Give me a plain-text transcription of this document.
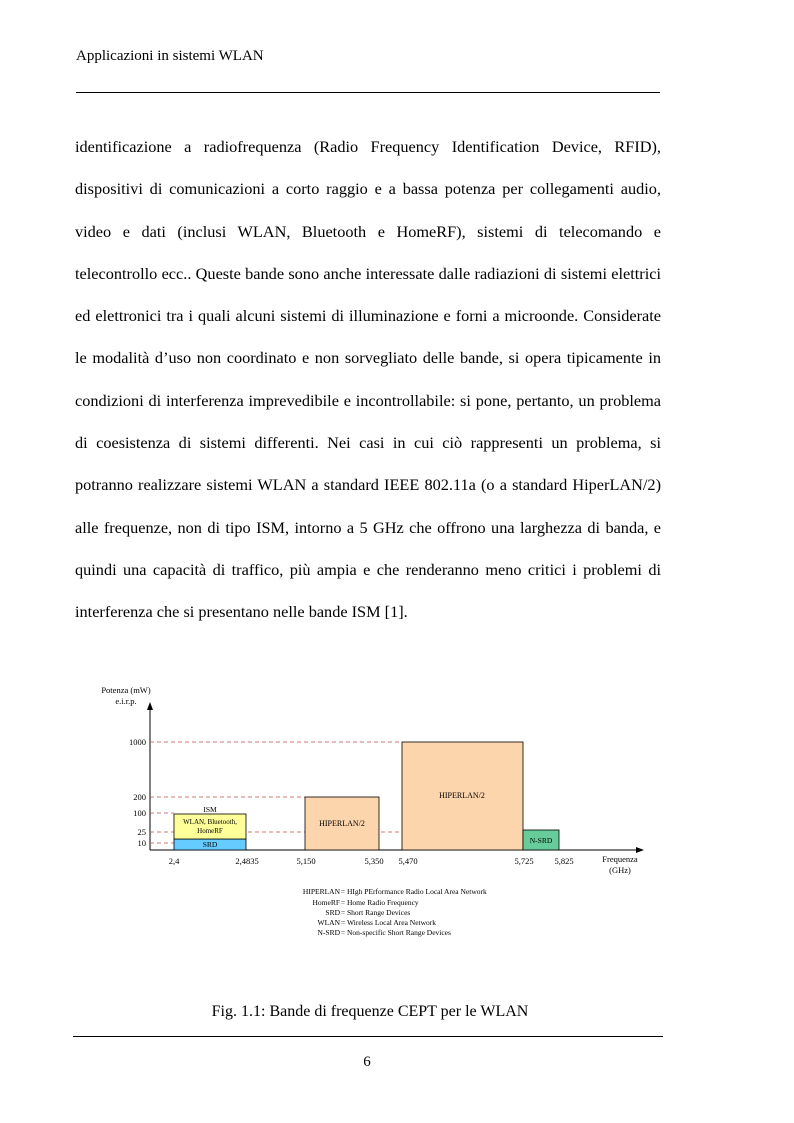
Applicazioni in sistemi WLAN

identificazione a radiofrequenza (Radio Frequency Identification Device, RFID), dispositivi di comunicazioni a corto raggio e a bassa potenza per collegamenti audio, video e dati (inclusi WLAN, Bluetooth e HomeRF), sistemi di telecomando e telecontrollo ecc.. Queste bande sono anche interessate dalle radiazioni di sistemi elettrici ed elettronici tra i quali alcuni sistemi di illuminazione e forni a microonde. Considerate le modalità d’uso non coordinato e non sorvegliato delle bande, si opera tipicamente in condizioni di interferenza imprevedibile e incontrollabile: si pone, pertanto, un problema di coesistenza di sistemi differenti. Nei casi in cui ciò rappresenti un problema, si potranno realizzare sistemi WLAN a standard IEEE 802.11a (o a standard HiperLAN/2) alle frequenze, non di tipo ISM, intorno a 5 GHz che offrono una larghezza di banda, e quindi una capacità di traffico, più ampia e che renderanno meno critici i problemi di interferenza che si presentano nelle bande ISM [1].

Potenza (mW)
e.i.r.p.
Frequenza
(GHz)
1000
200
100
25
10
ISM
WLAN, Bluetooth,
HomeRF
SRD
HIPERLAN/2
HIPERLAN/2
N-SRD
2,4	2,4835	5,150	5,350 5,470	5,725 5,825
HIPERLAN = HIgh PErformance Radio Local Area Network
HomeRF = Home Radio Frequency
SRD = Short Range Devices
WLAN = Wireless Local Area Network
N-SRD = Non-specific Short Range Devices
Fig. 1.1: Bande di frequenze CEPT per le WLAN
6
